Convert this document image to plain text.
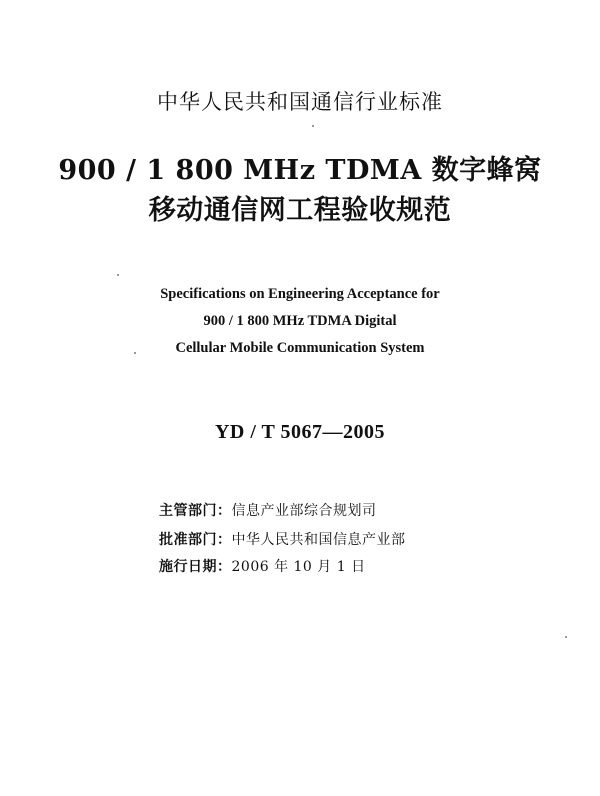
中华人民共和国通信行业标准
900 / 1 800 MHz TDMA 数字蜂窝
移动通信网工程验收规范
Specifications on Engineering Acceptance for
900 / 1 800 MHz TDMA Digital
Cellular Mobile Communication System
YD / T 5067—2005
主管部门：信息产业部综合规划司
批准部门：中华人民共和国信息产业部
施行日期：2006 年 10 月 1 日
